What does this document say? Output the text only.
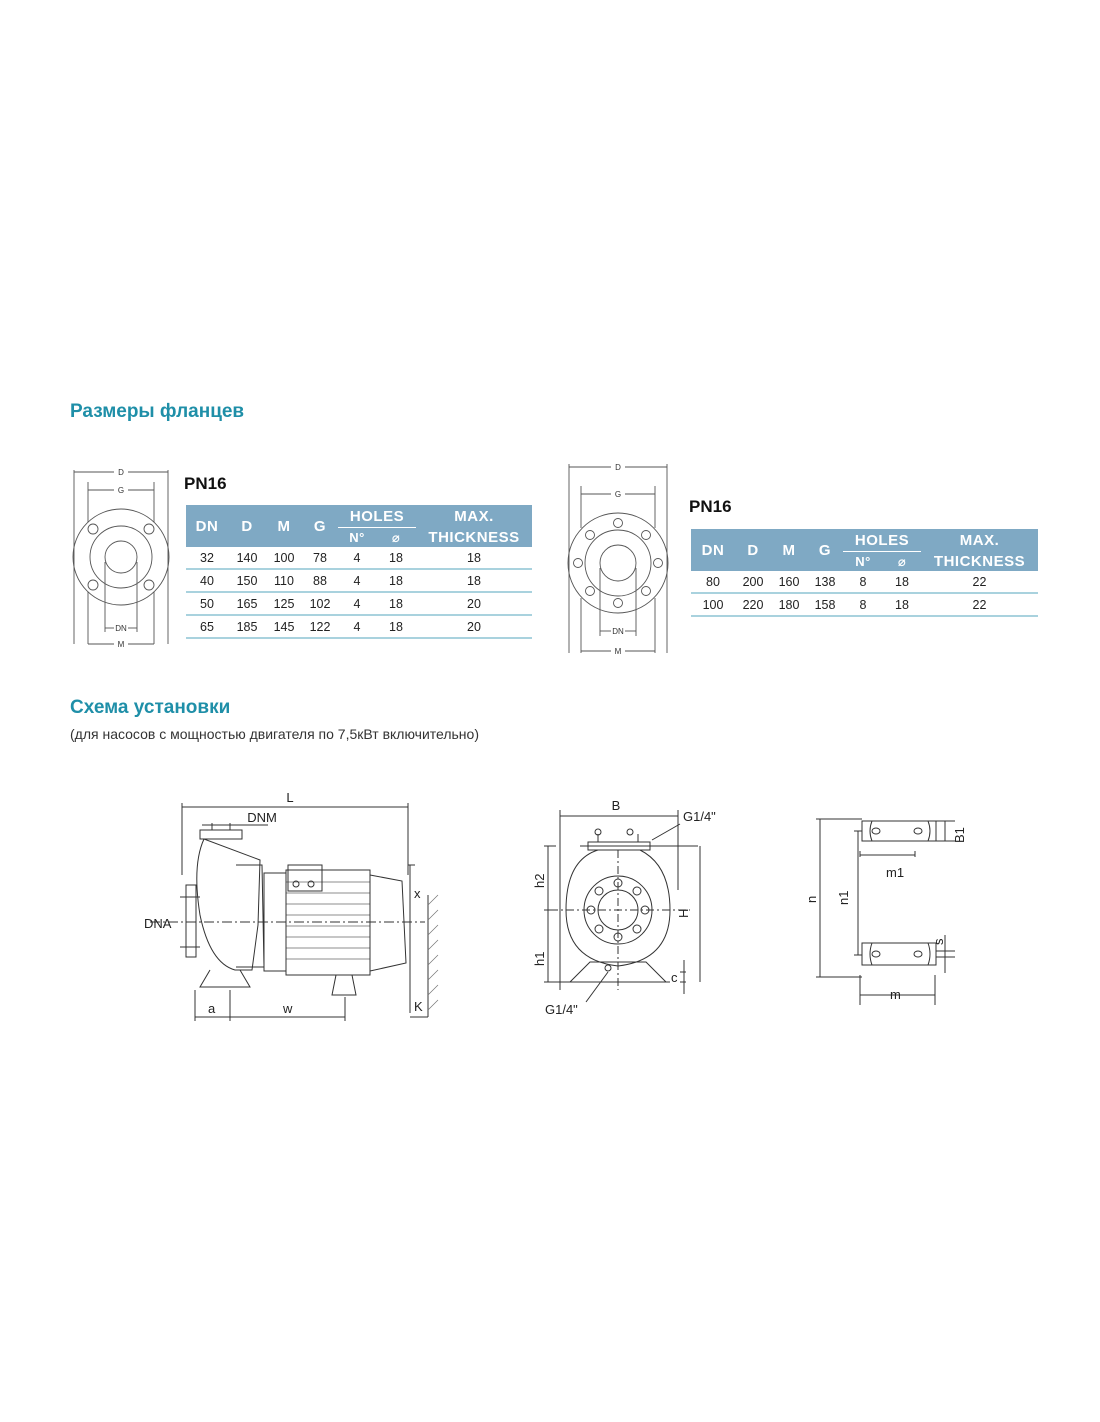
Размеры фланцев
D
G
DN
M
PN16
DN	D	M	G	HOLES		MAX.
				N°	⌀	THICKNESS
32	140	100	78	4	18	18
40	150	110	88	4	18	18
50	165	125	102	4	18	20
65	185	145	122	4	18	20
D
G
DN
M
PN16
DN	D	M	G	HOLES		MAX.
				N°	⌀	THICKNESS
80	200	160	138	8	18	22
100	220	180	158	8	18	22
Схема установки
(для насосов с мощностью двигателя по 7,5кВт включительно)
L
DNM
DNA
x
a	w	K
B
G1/4"
h2
h1
H
c
G1/4"
B1
m1
n n1
s
m
